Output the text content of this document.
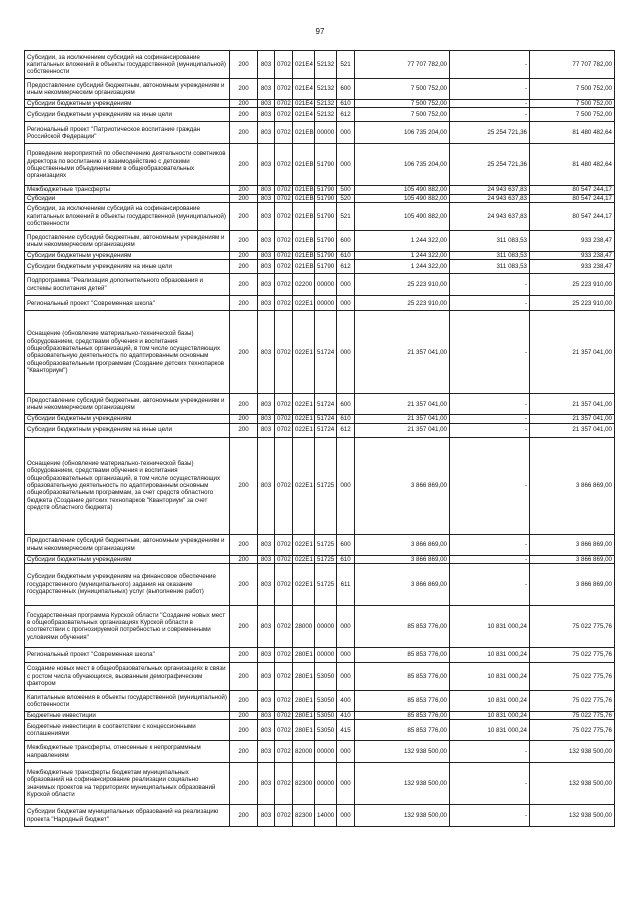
97
Субсидии, за исключением субсидий на софинансирование капитальных вложений в объекты государственной (муниципальной) собственности	200	803	0702	021E4	52132	521	77 707 782,00	-	77 707 782,00
Предоставление субсидий бюджетным, автономным учреждениям и иным некоммерческим организациям	200	803	0702	021E4	52132	600	7 500 752,00	-	7 500 752,00
Субсидии бюджетным учреждениям	200	803	0702	021E4	52132	610	7 500 752,00	-	7 500 752,00
Субсидии бюджетным учреждениям на иные цели	200	803	0702	021E4	52132	612	7 500 752,00	-	7 500 752,00
Региональный проект "Патриотическое воспитание граждан Российской Федерации"	200	803	0702	021EB	00000	000	106 735 204,00	25 254 721,36	81 480 482,64
Проведение мероприятий по обеспечению деятельности советников директора по воспитанию и взаимодействию с детскими общественными объединениями в общеобразовательных организациях	200	803	0702	021EB	51790	000	106 735 204,00	25 254 721,36	81 480 482,64
Межбюджетные трансферты	200	803	0702	021EB	51790	500	105 490 882,00	24 943 637,83	80 547 244,17
Субсидии	200	803	0702	021EB	51790	520	105 490 882,00	24 943 637,83	80 547 244,17
Субсидии, за исключением субсидий на софинансирование капитальных вложений в объекты государственной (муниципальной) собственности	200	803	0702	021EB	51790	521	105 490 882,00	24 943 637,83	80 547 244,17
Предоставление субсидий бюджетным, автономным учреждениям и иным некоммерческим организациям	200	803	0702	021EB	51790	600	1 244 322,00	311 083,53	933 238,47
Субсидии бюджетным учреждениям	200	803	0702	021EB	51790	610	1 244 322,00	311 083,53	933 238,47
Субсидии бюджетным учреждениям на иные цели	200	803	0702	021EB	51790	612	1 244 322,00	311 083,53	933 238,47
Подпрограмма "Реализация дополнительного образования и системы воспитания детей"	200	803	0702	02200	00000	000	25 223 910,00	-	25 223 910,00
Региональный проект "Современная школа"	200	803	0702	022E1	00000	000	25 223 910,00	-	25 223 910,00
Оснащение (обновление материально-технической базы) оборудованием, средствами обучения и воспитания общеобразовательных организаций, в том числе осуществляющих образовательную деятельность по адаптированным основным общеобразовательным программам (Создание детских технопарков "Кванториум")	200	803	0702	022E1	51724	000	21 357 041,00	-	21 357 041,00
Предоставление субсидий бюджетным, автономным учреждениям и иным некоммерческим организациям	200	803	0702	022E1	51724	600	21 357 041,00	-	21 357 041,00
Субсидии бюджетным учреждениям	200	803	0702	022E1	51724	610	21 357 041,00	-	21 357 041,00
Субсидии бюджетным учреждениям на иные цели	200	803	0702	022E1	51724	612	21 357 041,00	-	21 357 041,00
Оснащение (обновление материально-технической базы) оборудованием, средствами обучения и воспитания общеобразовательных организаций, в том числе осуществляющих образовательную деятельность по адаптированным основным общеобразовательным программам, за счет средств областного бюджета (Создание детских технопарков "Кванториум" за счет средств областного бюджета)	200	803	0702	022E1	51725	000	3 866 869,00	-	3 866 869,00
Предоставление субсидий бюджетным, автономным учреждениям и иным некоммерческим организациям	200	803	0702	022E1	51725	600	3 866 869,00	-	3 866 869,00
Субсидии бюджетным учреждениям	200	803	0702	022E1	51725	610	3 866 869,00	-	3 866 869,00
Субсидии бюджетным учреждениям на финансовое обеспечение государственного (муниципального) задания на оказание государственных (муниципальных) услуг (выполнение работ)	200	803	0702	022E1	51725	611	3 866 869,00	-	3 866 869,00
Государственная программа Курской области "Создание новых мест в общеобразовательных организациях Курской области в соответствии с прогнозируемой потребностью и современными условиями обучения"	200	803	0702	28000	00000	000	85 853 776,00	10 831 000,24	75 022 775,76
Региональный проект "Современная школа"	200	803	0702	280E1	00000	000	85 853 776,00	10 831 000,24	75 022 775,76
Создание новых мест в общеобразовательных организациях в связи с ростом числа обучающихся, вызванным демографическим фактором	200	803	0702	280E1	53050	000	85 853 776,00	10 831 000,24	75 022 775,76
Капитальные вложения в объекты государственной (муниципальной) собственности	200	803	0702	280E1	53050	400	85 853 776,00	10 831 000,24	75 022 775,76
Бюджетные инвестиции	200	803	0702	280E1	53050	410	85 853 776,00	10 831 000,24	75 022 775,76
Бюджетные инвестиции в соответствии с концессионными соглашениями	200	803	0702	280E1	53050	415	85 853 776,00	10 831 000,24	75 022 775,76
Межбюджетные трансферты, отнесенные к непрограммным направлениям	200	803	0702	82000	00000	000	132 938 500,00	-	132 938 500,00
Межбюджетные трансферты бюджетам муниципальных образований на софинансирование реализации социально значимых проектов на территориях муниципальных образований Курской области	200	803	0702	82300	00000	000	132 938 500,00	-	132 938 500,00
Субсидии бюджетам муниципальных образований на реализацию проекта "Народный бюджет"	200	803	0702	82300	14000	000	132 938 500,00	-	132 938 500,00
